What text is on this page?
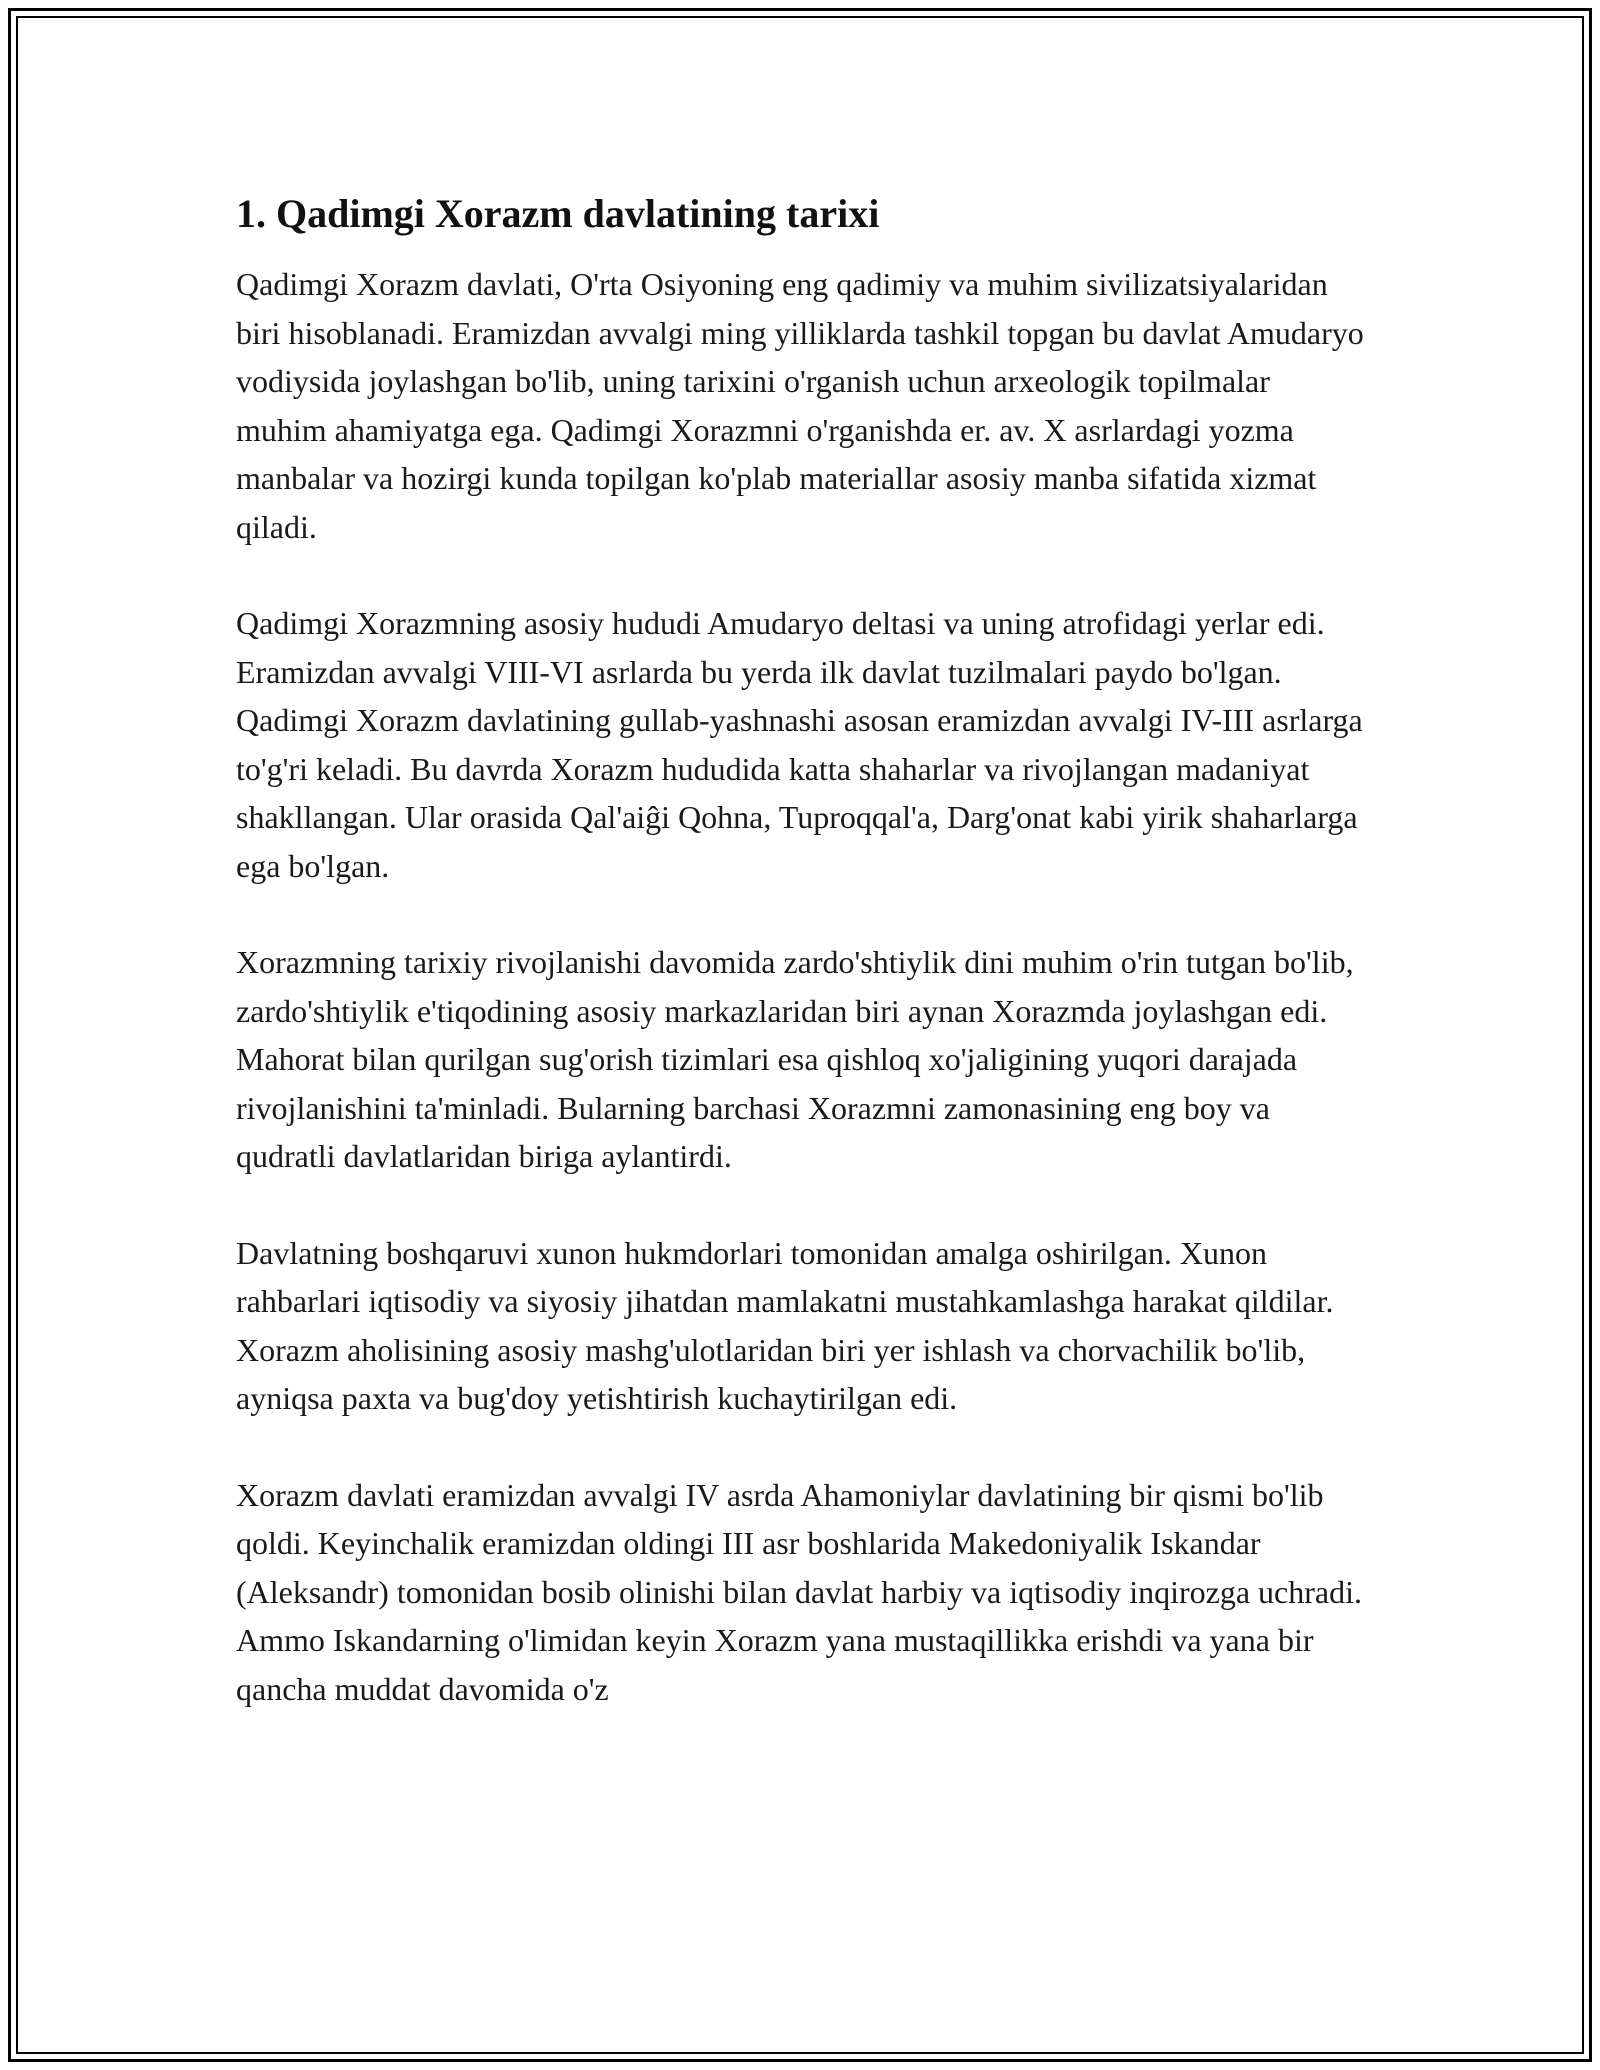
1. Qadimgi Xorazm davlatining tarixi

Qadimgi Xorazm davlati, O'rta Osiyoning eng qadimiy va muhim sivilizatsiyalaridan biri hisoblanadi. Eramizdan avvalgi ming yilliklarda tashkil topgan bu davlat Amudaryo vodiysida joylashgan bo'lib, uning tarixini o'rganish uchun arxeologik topilmalar muhim ahamiyatga ega. Qadimgi Xorazmni o'rganishda er. av. X asrlardagi yozma manbalar va hozirgi kunda topilgan ko'plab materiallar asosiy manba sifatida xizmat qiladi.

Qadimgi Xorazmning asosiy hududi Amudaryo deltasi va uning atrofidagi yerlar edi. Eramizdan avvalgi VIII-VI asrlarda bu yerda ilk davlat tuzilmalari paydo bo'lgan. Qadimgi Xorazm davlatining gullab-yashnashi asosan eramizdan avvalgi IV-III asrlarga to'g'ri keladi. Bu davrda Xorazm hududida katta shaharlar va rivojlangan madaniyat shakllangan. Ular orasida Qal'aiĝi Qohna, Tuproqqal'a, Darg'onat kabi yirik shaharlarga ega bo'lgan.

Xorazmning tarixiy rivojlanishi davomida zardo'shtiylik dini muhim o'rin tutgan bo'lib, zardo'shtiylik e'tiqodining asosiy markazlaridan biri aynan Xorazmda joylashgan edi. Mahorat bilan qurilgan sug'orish tizimlari esa qishloq xo'jaligining yuqori darajada rivojlanishini ta'minladi. Bularning barchasi Xorazmni zamonasining eng boy va qudratli davlatlaridan biriga aylantirdi.

Davlatning boshqaruvi xunon hukmdorlari tomonidan amalga oshirilgan. Xunon rahbarlari iqtisodiy va siyosiy jihatdan mamlakatni mustahkamlashga harakat qildilar. Xorazm aholisining asosiy mashg'ulotlaridan biri yer ishlash va chorvachilik bo'lib, ayniqsa paxta va bug'doy yetishtirish kuchaytirilgan edi.

Xorazm davlati eramizdan avvalgi IV asrda Ahamoniylar davlatining bir qismi bo'lib qoldi. Keyinchalik eramizdan oldingi III asr boshlarida Makedoniyalik Iskandar (Aleksandr) tomonidan bosib olinishi bilan davlat harbiy va iqtisodiy inqirozga uchradi. Ammo Iskandarning o'limidan keyin Xorazm yana mustaqillikka erishdi va yana bir qancha muddat davomida o'z
